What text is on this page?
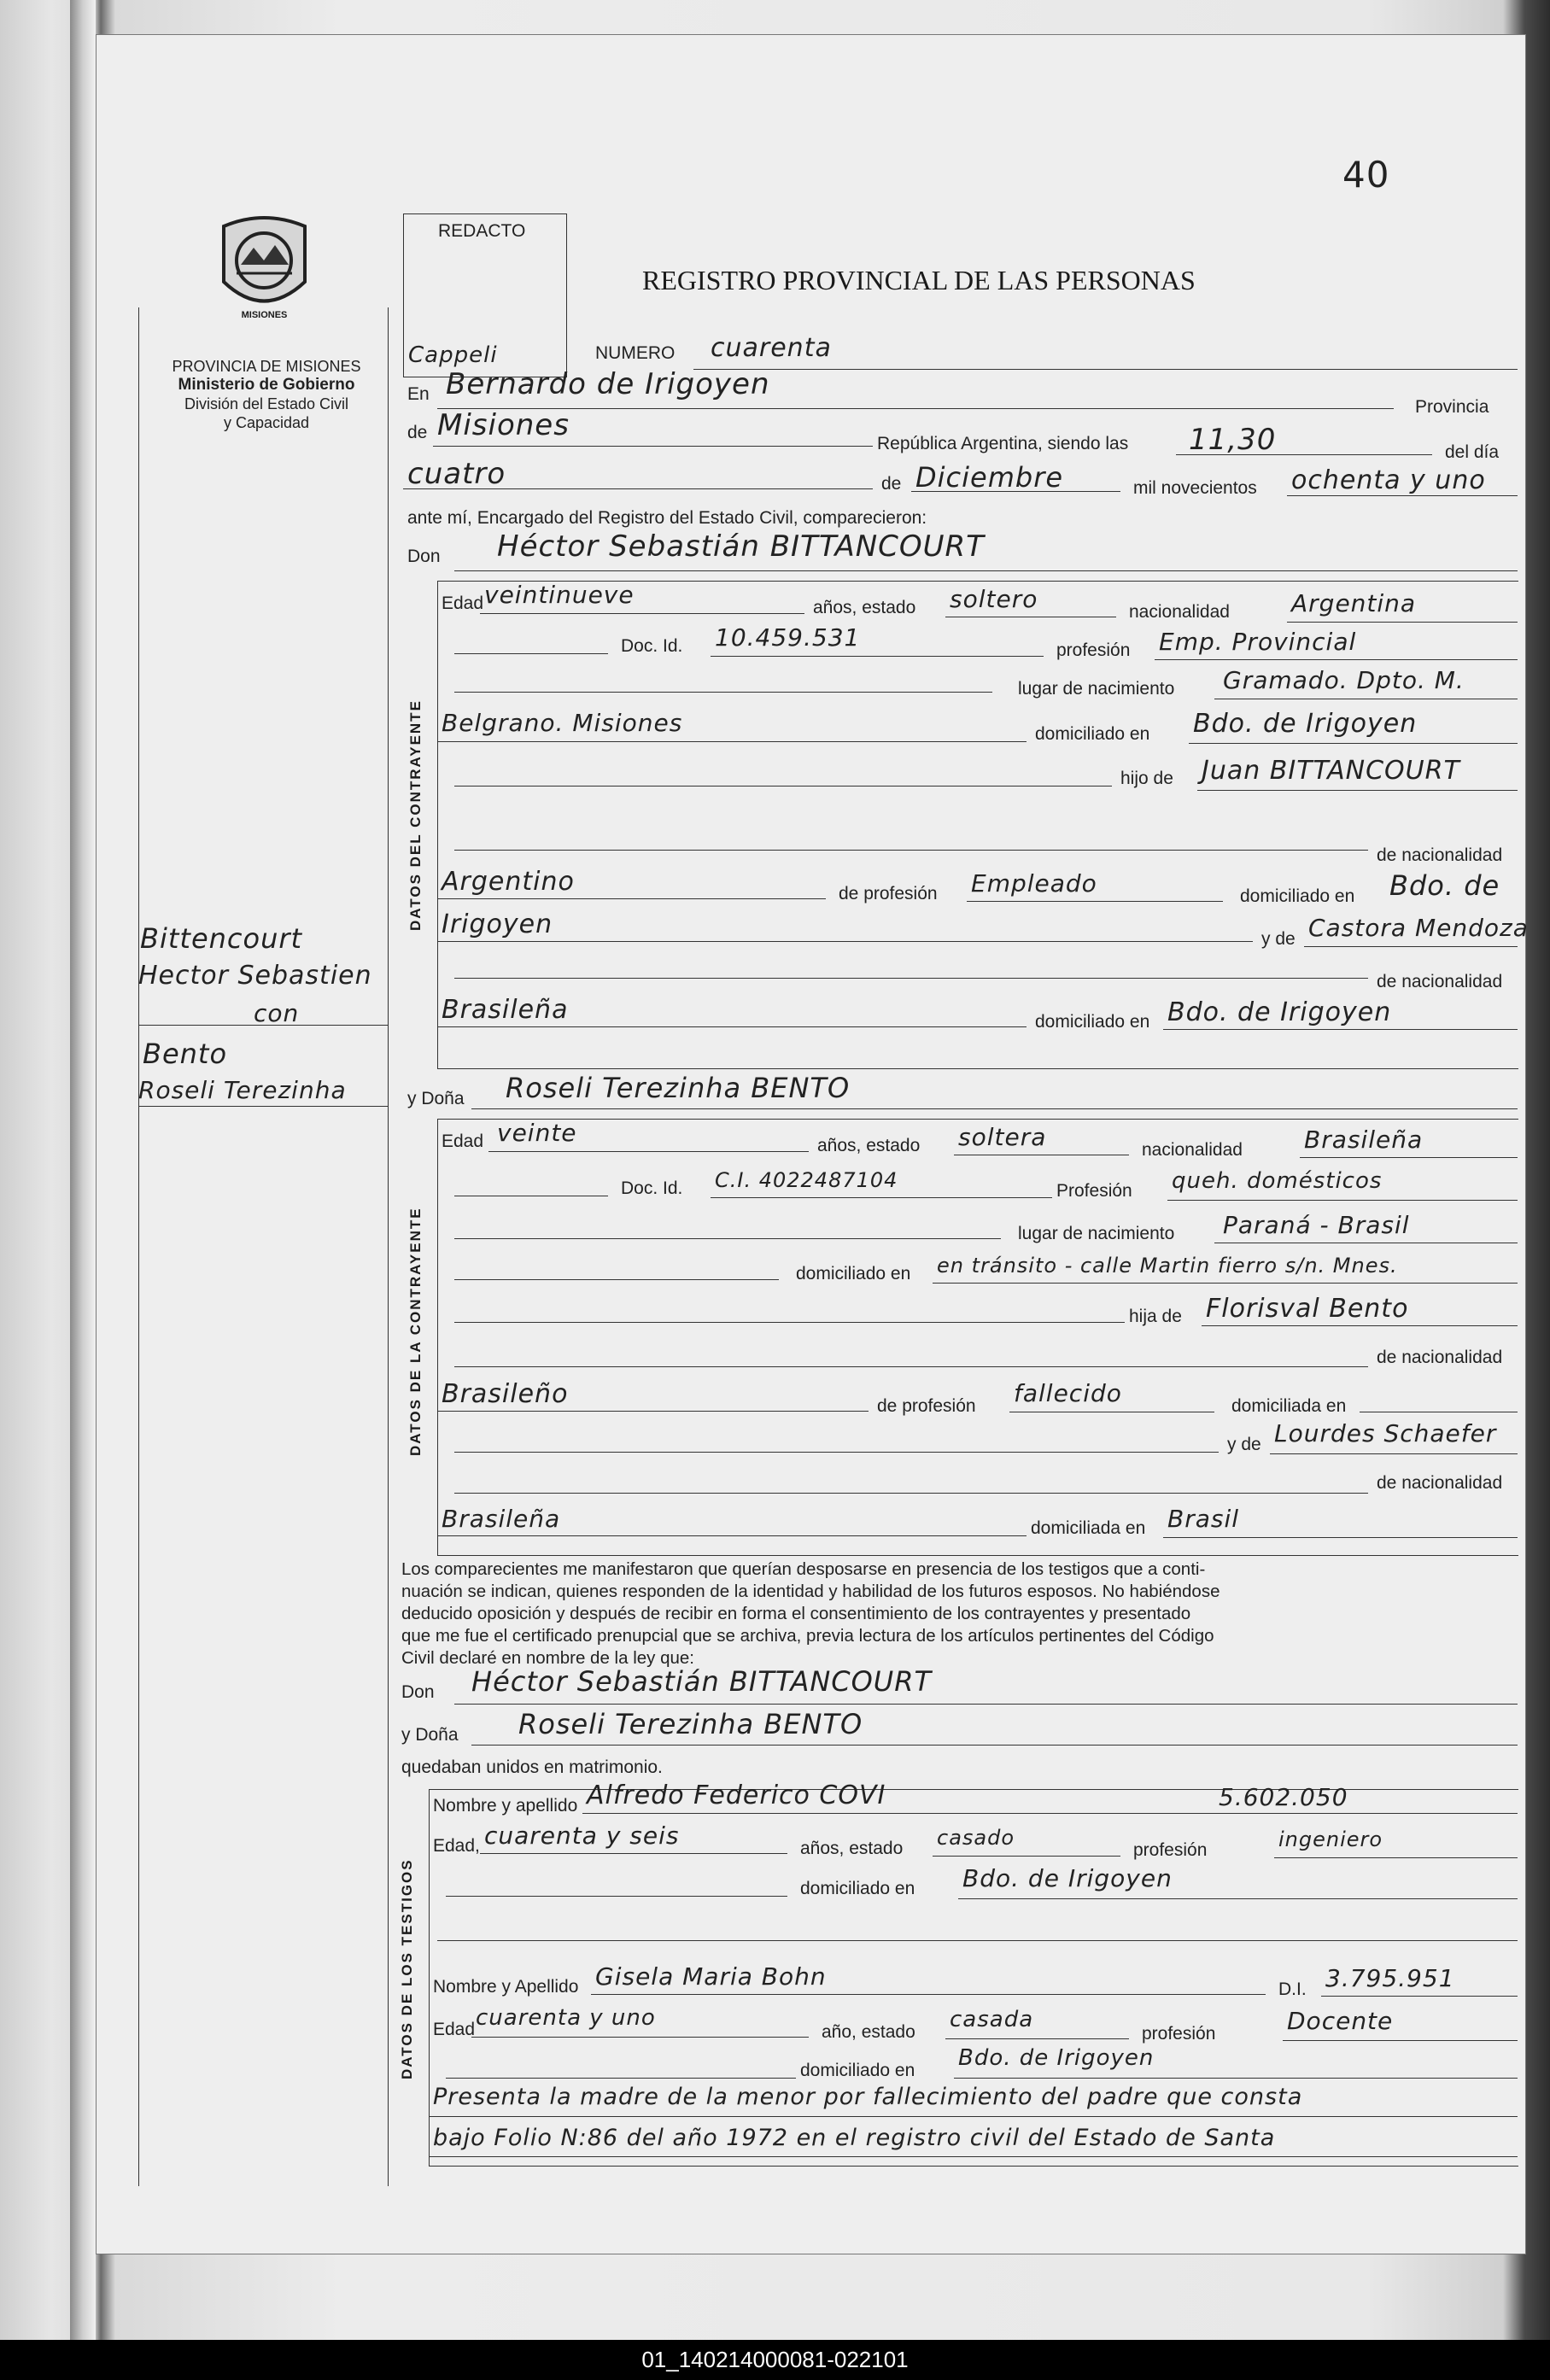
40
MISIONES
PROVINCIA DE MISIONES
Ministerio de Gobierno
División del Estado Civil
y Capacidad
Bittencourt
Hector Sebastien
con
Bento
Roseli Terezinha
REDACTO
Cappeli
REGISTRO PROVINCIAL DE LAS PERSONAS
NUMERO cuarenta
En Bernardo de Irigoyen
Provincia
de Misiones
República Argentina, siendo las 11,30	del día
cuatro	de Diciembre	mil novecientos ochenta y uno
ante mí, Encargado del Registro del Estado Civil, comparecieron:
Don Héctor Sebastián BITTANCOURT
DATOS DEL CONTRAYENTE
Edad veintinueve	años, estado soltero	nacionalidad	Argentina
Doc. Id. 10.459.531	profesión Emp. Provincial
lugar de nacimiento Gramado. Dpto. M.
Belgrano. Misiones	domiciliado en Bdo. de Irigoyen
hijo de Juan BITTANCOURT
de nacionalidad
Argentino	de profesión Empleado	domiciliado en Bdo. de
Irigoyen	y de Castora Mendoza
de nacionalidad
Brasileña	domiciliado en Bdo. de Irigoyen
y Doña Roseli Terezinha BENTO
DATOS DE LA CONTRAYENTE
Edad veinte	años, estado soltera	nacionalidad	Brasileña
Doc. Id. C.I. 4022487104	Profesión queh. domésticos
lugar de nacimiento Paraná - Brasil
domiciliado en en tránsito - calle Martin fierro s/n. Mnes.
hija de Florisval Bento
de nacionalidad
Brasileño	de profesión fallecido	domiciliada en
y de Lourdes Schaefer
de nacionalidad
Brasileña	domiciliada en Brasil
Los comparecientes me manifestaron que querían desposarse en presencia de los testigos que a conti-
nuación se indican, quienes responden de la identidad y habilidad de los futuros esposos. No habiéndose
deducido oposición y después de recibir en forma el consentimiento de los contrayentes y presentado
que me fue el certificado prenupcial que se archiva, previa lectura de los artículos pertinentes del Código
Civil declaré en nombre de la ley que:
Don Héctor Sebastián BITTANCOURT
y Doña Roseli Terezinha BENTO
quedaban unidos en matrimonio.
DATOS DE LOS TESTIGOS
Nombre y apellido Alfredo Federico COVI	5.602.050
Edad, cuarenta y seis	años, estado casado
profesión	ingeniero
domiciliado en Bdo. de Irigoyen
Nombre y Apellido Gisela Maria Bohn	D.I. 3.795.951
Edad cuarenta y uno
año, estado casada
profesión	Docente
domiciliado en Bdo. de Irigoyen
Presenta la madre de la menor por fallecimiento del padre que consta
bajo Folio N:86 del año 1972 en el registro civil del Estado de Santa
01_140214000081-022101
